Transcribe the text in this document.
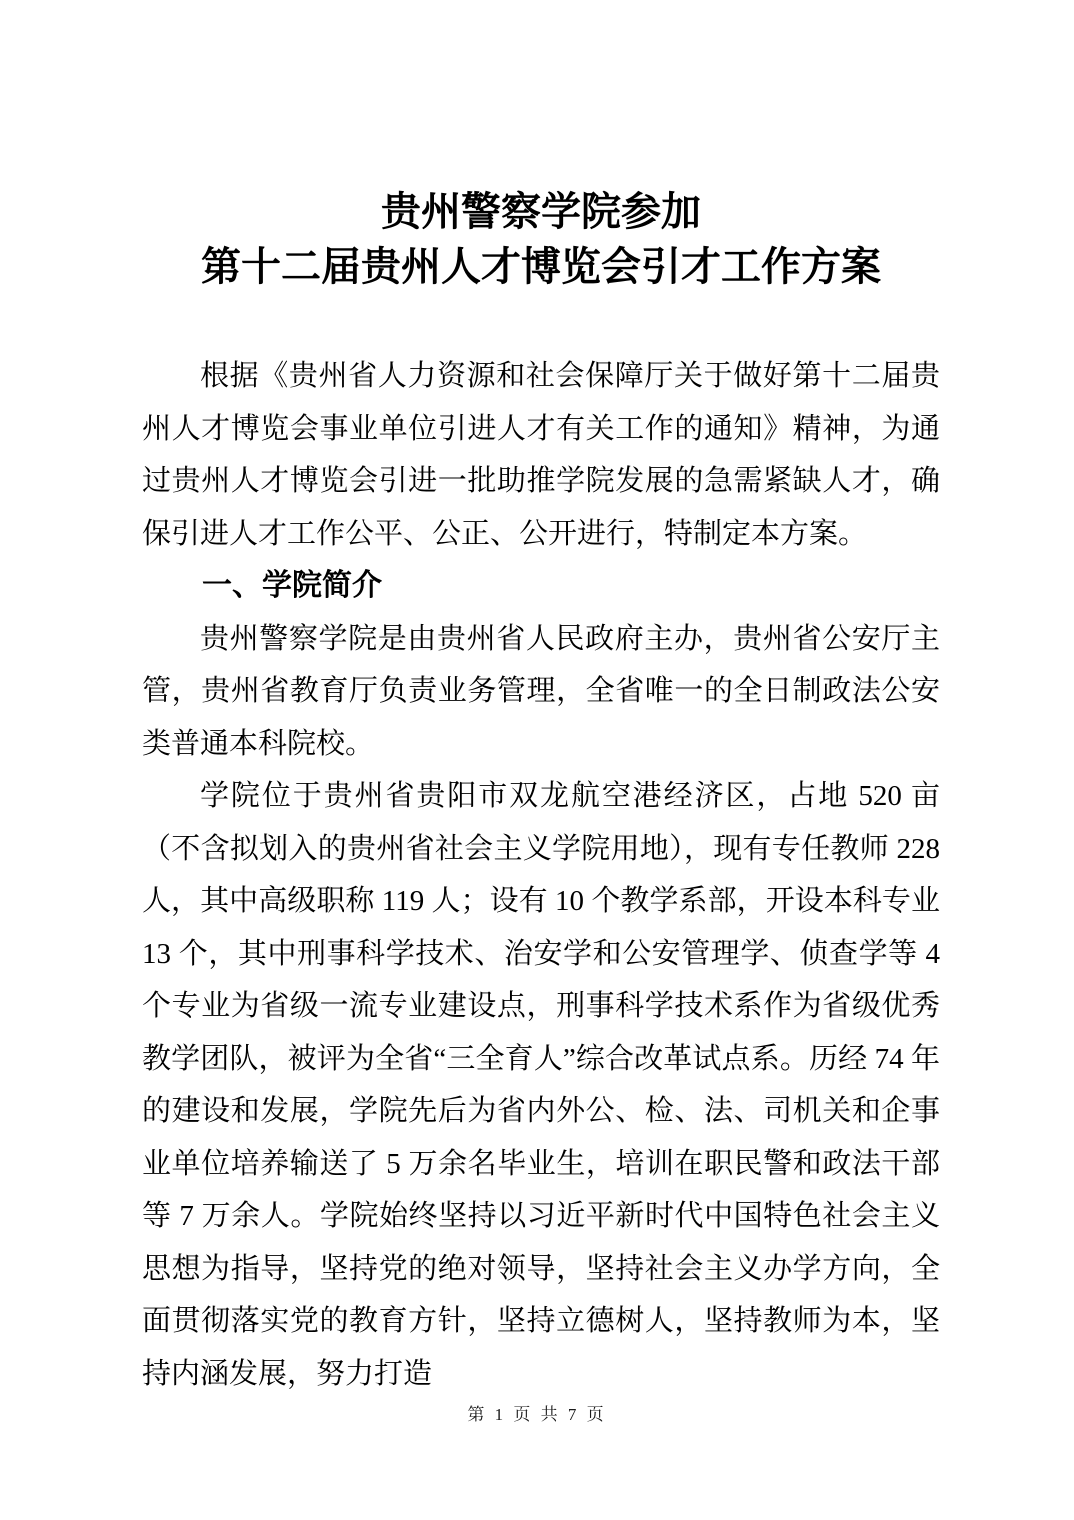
贵州警察学院参加
第十二届贵州人才博览会引才工作方案

根据《贵州省人力资源和社会保障厅关于做好第十二届贵州人才博览会事业单位引进人才有关工作的通知》精神，为通过贵州人才博览会引进一批助推学院发展的急需紧缺人才，确保引进人才工作公平、公正、公开进行，特制定本方案。

一、学院简介

贵州警察学院是由贵州省人民政府主办，贵州省公安厅主管，贵州省教育厅负责业务管理，全省唯一的全日制政法公安类普通本科院校。

学院位于贵州省贵阳市双龙航空港经济区，占地 520 亩（不含拟划入的贵州省社会主义学院用地），现有专任教师 228 人，其中高级职称 119 人；设有 10 个教学系部，开设本科专业 13 个，其中刑事科学技术、治安学和公安管理学、侦查学等 4 个专业为省级一流专业建设点，刑事科学技术系作为省级优秀教学团队，被评为全省“三全育人”综合改革试点系。历经 74 年的建设和发展，学院先后为省内外公、检、法、司机关和企事业单位培养输送了 5 万余名毕业生，培训在职民警和政法干部等 7 万余人。学院始终坚持以习近平新时代中国特色社会主义思想为指导，坚持党的绝对领导，坚持社会主义办学方向，全面贯彻落实党的教育方针，坚持立德树人，坚持教师为本，坚持内涵发展，努力打造

第 1 页 共 7 页
